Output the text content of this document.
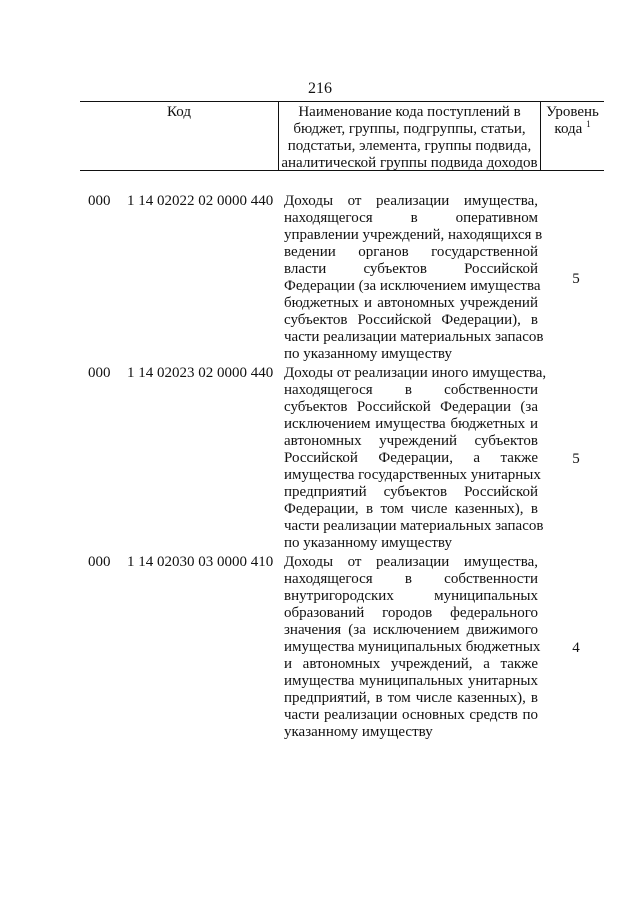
216
Код	Наименование кода поступлений в
бюджет, группы, подгруппы, статьи,
подстатьи, элемента, группы подвида,
аналитической группы подвида доходов
Уровень
кода $^1$
000 1 14 02022 02 0000 440 Доходы от реализации имущества,
находящегося в оперативном
управлении учреждений, находящихся в
ведении органов государственной
власти субъектов Российской
Федерации (за исключением имущества
бюджетных и автономных учреждений
субъектов Российской Федерации), в
части реализации материальных запасов
по указанному имуществу
5
000 1 14 02023 02 0000 440 Доходы от реализации иного имущества,
находящегося в собственности
субъектов Российской Федерации (за
исключением имущества бюджетных и
автономных учреждений субъектов
Российской Федерации, а также
имущества государственных унитарных
предприятий субъектов Российской
Федерации, в том числе казенных), в
части реализации материальных запасов
по указанному имуществу
5
000 1 14 02030 03 0000 410 Доходы от реализации имущества,
находящегося в собственности
внутригородских муниципальных
образований городов федерального
значения (за исключением движимого
имущества муниципальных бюджетных
и автономных учреждений, а также
имущества муниципальных унитарных
предприятий, в том числе казенных), в
части реализации основных средств по
указанному имуществу
4
